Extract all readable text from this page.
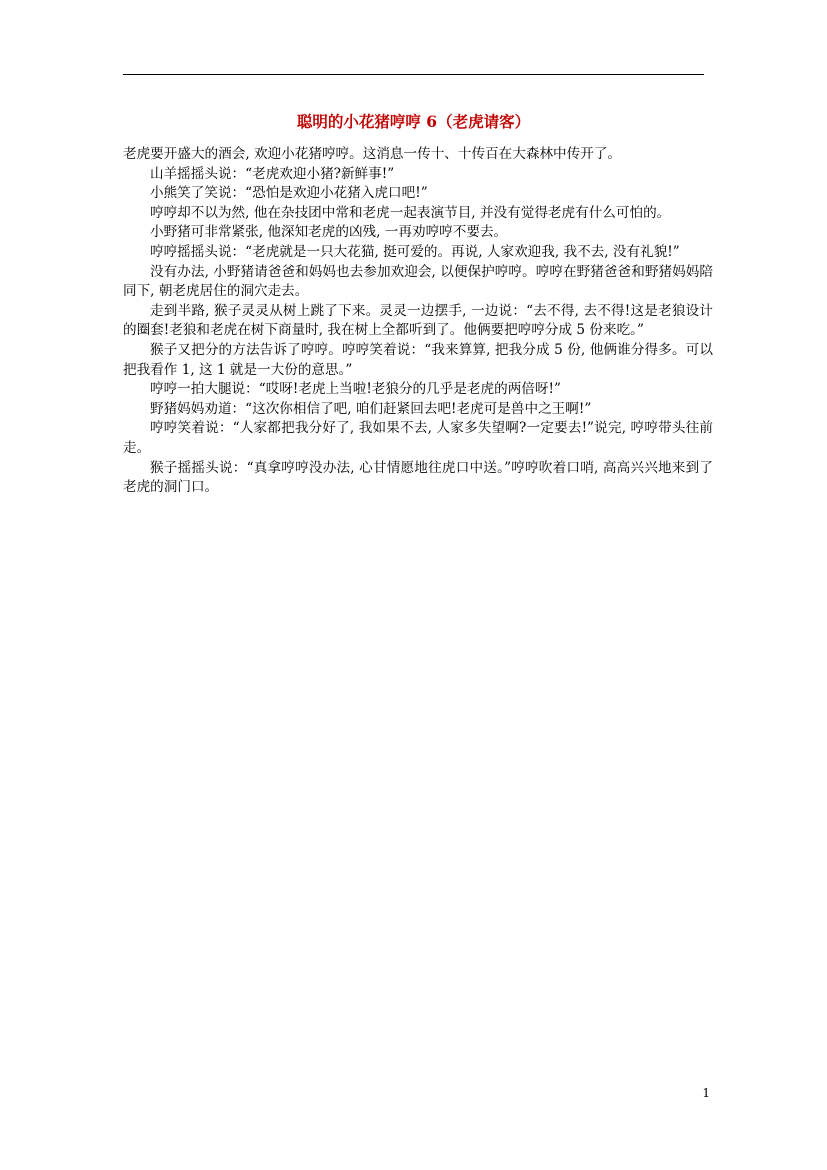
聪明的小花猪哼哼 6（老虎请客）

老虎要开盛大的酒会, 欢迎小花猪哼哼。这消息一传十、十传百在大森林中传开了。

山羊摇摇头说：“老虎欢迎小猪?新鲜事!”

小熊笑了笑说：“恐怕是欢迎小花猪入虎口吧!”

哼哼却不以为然, 他在杂技团中常和老虎一起表演节目, 并没有觉得老虎有什么可怕的。

小野猪可非常紧张, 他深知老虎的凶残, 一再劝哼哼不要去。

哼哼摇摇头说：“老虎就是一只大花猫, 挺可爱的。再说, 人家欢迎我, 我不去, 没有礼貌!”

没有办法, 小野猪请爸爸和妈妈也去参加欢迎会, 以便保护哼哼。哼哼在野猪爸爸和野猪妈妈陪同下, 朝老虎居住的洞穴走去。

走到半路, 猴子灵灵从树上跳了下来。灵灵一边摆手, 一边说：“去不得, 去不得!这是老狼设计的圈套!老狼和老虎在树下商量时, 我在树上全都听到了。他俩要把哼哼分成 5 份来吃。”

猴子又把分的方法告诉了哼哼。哼哼笑着说：“我来算算, 把我分成 5 份, 他俩谁分得多。可以把我看作 1, 这 1 就是一大份的意思。”

哼哼一拍大腿说：“哎呀!老虎上当啦!老狼分的几乎是老虎的两倍呀!”

野猪妈妈劝道：“这次你相信了吧, 咱们赶紧回去吧!老虎可是兽中之王啊!”

哼哼笑着说：“人家都把我分好了, 我如果不去, 人家多失望啊?一定要去!”说完, 哼哼带头往前走。

猴子摇摇头说：“真拿哼哼没办法, 心甘情愿地往虎口中送。”哼哼吹着口哨, 高高兴兴地来到了老虎的洞门口。

1
